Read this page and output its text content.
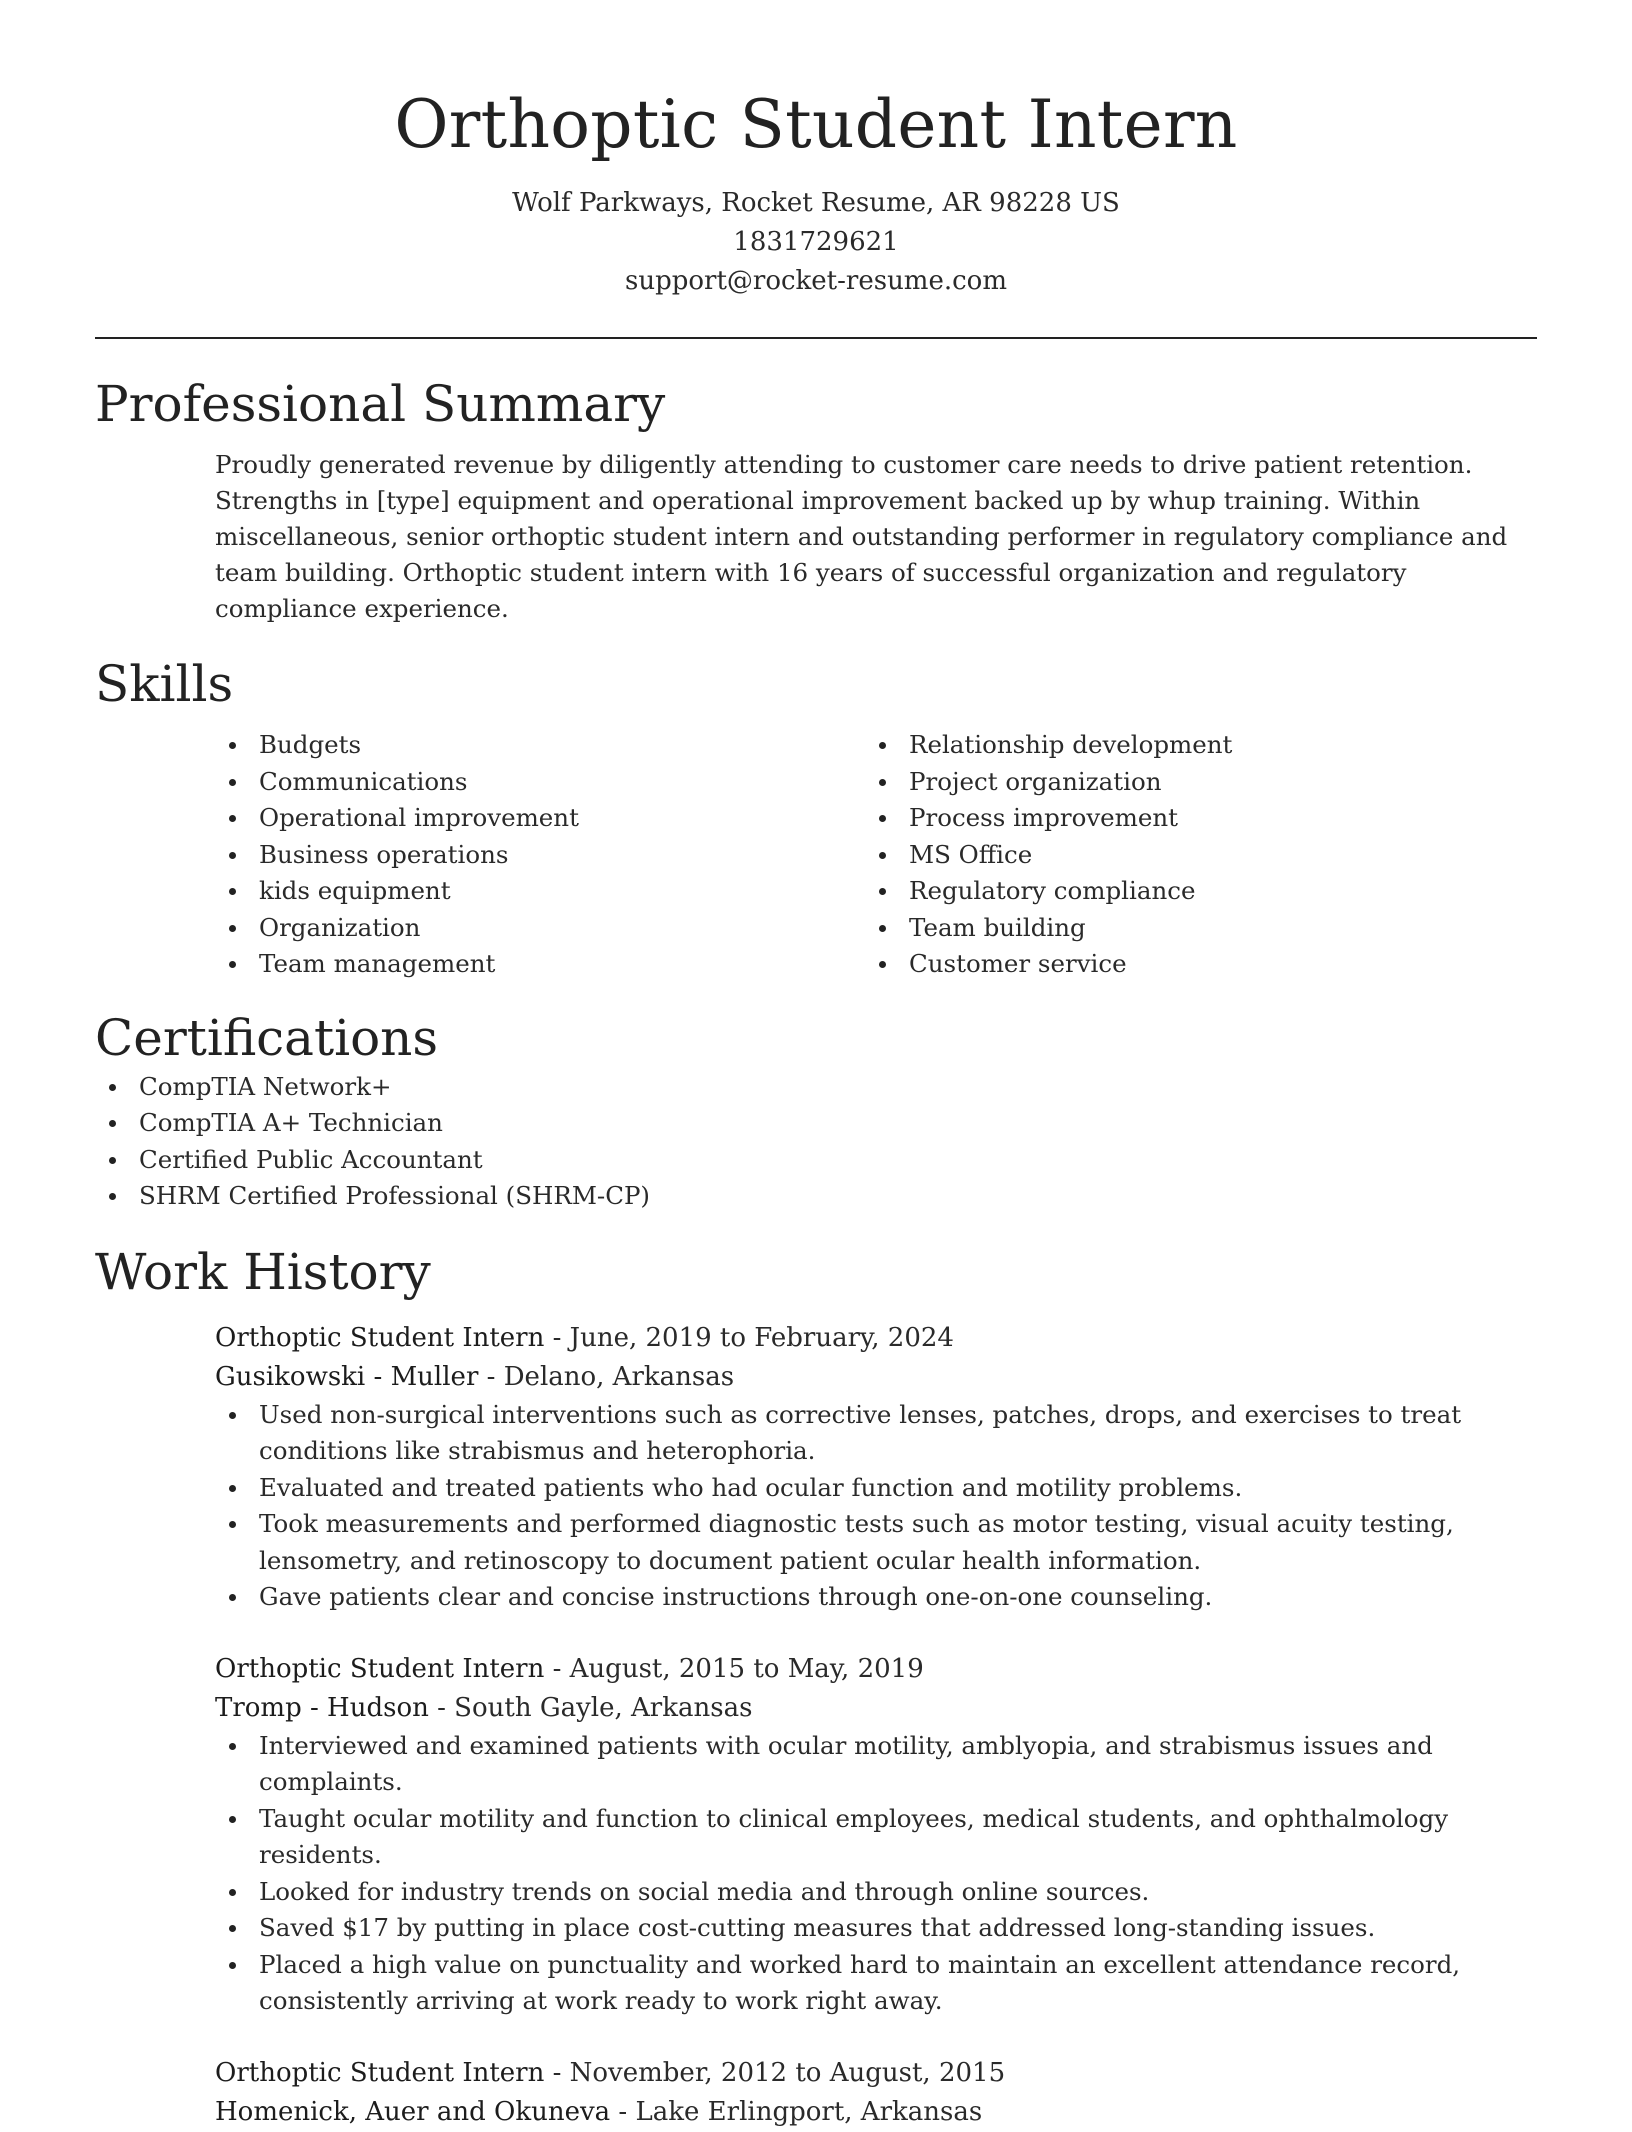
Orthoptic Student Intern
Wolf Parkways, Rocket Resume, AR 98228 US
1831729621
support@rocket-resume.com
Professional Summary

Proudly generated revenue by diligently attending to customer care needs to drive patient retention. Strengths in [type] equipment and operational improvement backed up by whup training. Within miscellaneous, senior orthoptic student intern and outstanding performer in regulatory compliance and team building. Orthoptic student intern with 16 years of successful organization and regulatory compliance experience.

Skills
Budgets
Communications
Operational improvement
Business operations
kids equipment
Organization
Team management
Relationship development
Project organization
Process improvement
MS Office
Regulatory compliance
Team building
Customer service
Certifications
CompTIA Network+
CompTIA A+ Technician
Certified Public Accountant
SHRM Certified Professional (SHRM-CP)
Work History
Orthoptic Student Intern - June, 2019 to February, 2024
Gusikowski - Muller - Delano, Arkansas
Used non-surgical interventions such as corrective lenses, patches, drops, and exercises to treat conditions like strabismus and heterophoria.
Evaluated and treated patients who had ocular function and motility problems.
Took measurements and performed diagnostic tests such as motor testing, visual acuity testing, lensometry, and retinoscopy to document patient ocular health information.
Gave patients clear and concise instructions through one-on-one counseling.
Orthoptic Student Intern - August, 2015 to May, 2019
Tromp - Hudson - South Gayle, Arkansas
Interviewed and examined patients with ocular motility, amblyopia, and strabismus issues and complaints.
Taught ocular motility and function to clinical employees, medical students, and ophthalmology residents.
Looked for industry trends on social media and through online sources.
Saved $17 by putting in place cost-cutting measures that addressed long-standing issues.
Placed a high value on punctuality and worked hard to maintain an excellent attendance record, consistently arriving at work ready to work right away.
Orthoptic Student Intern - November, 2012 to August, 2015
Homenick, Auer and Okuneva - Lake Erlingport, Arkansas
